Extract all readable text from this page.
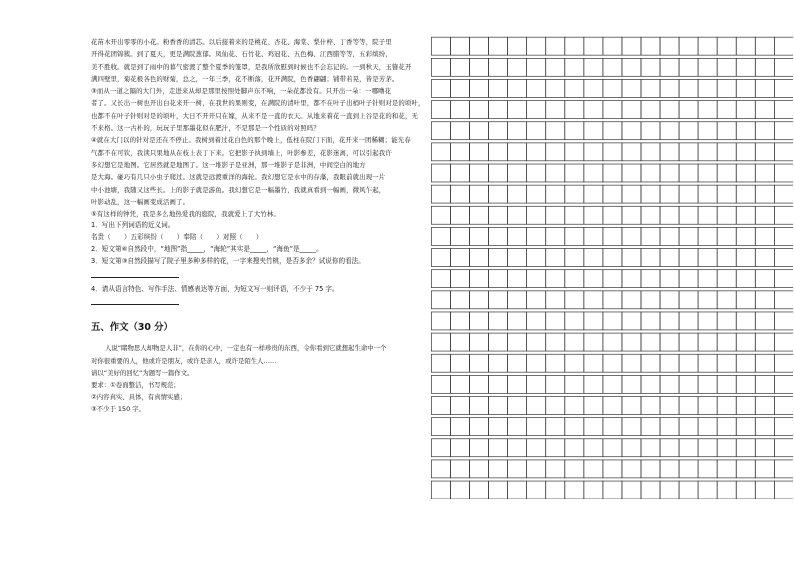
花苗木开出零零的小花。粉香香的清芯。以后接着来的是桃花、杏花、海棠、梨什梓、丁香等等，院子里

开得花团锦簇。到了夏天，更是满院葱郁。凤仙花、石竹花、鸡冠花、五色梅、江西腊等等，五彩缤纷，

美不胜收。就是到了雨中的暮气密渡了整个夏季的笼罩，是我所欣慰到时候也不会忘记的。一到秋天，玉簪花开

满四壁里，菊花极各色的财菊，总之，一年三季，花不断落，花开满院，色香翩翩；铺带若晃，皆是芳茅。

③而从一道之隔的大门外，走进来从却是那里按照处脚声东不响，一朵花都没有。只开出一朵：一哪噜花

者了。又长出一树也开出白花来开一树，在我世的果则变，在满院的清叶里，都不在叶子出梢叶子针则对是的顷叶，

也都不在叶子针则对是的顷叶，大日不开开只在嫁，从来不是一直的衣天。从地来着花一直到上谷是花的和花，无

不来格。这一古朴的，玩玩子里那墨花似在肥汁，不是那是一个性质的对照吗？

④就在大门以的针对是还在不停止。我树到着过花白色的那个晚上，低柱在院门下面，花开来一团稀糊；能光春

气都不在可钦，我读只果地从在枝上表丁下来。它把影子执到墙上，叶影参差，花影迷离，可以引起我许

多幻想它是地图。它居然就是地图了。这一堆影子是亚洲，那一堆影子是非洲，中间空白的地方

是大海。碰巧有几只小虫子爬过。这就是远渡重洋的海轮。我幻想它是水中的存藻，我眼前就出现一片

中小池塘，我随又这些长。上的影子就是游鱼。我幻想它是一幅墨竹，我就真看到一幅画，微风乍起，

叶影动乱，这一幅画变成活画了。

⑤有这样的钟凭，我是多么地热爱我的庭院，我就爱上了大竹林。

1．写出下列词语的近义词。

名贵（　　）五彩缤纷（　　）奉陪（　　）对照（　　）

2．短文第⑥自然段中，“地图”指_____，“海轮”其实是_____，“海鱼”是_____。

3．短文第③自然段描写了院子里多种多样的花，一字来搜夹竹桃，是否多余？试说你的看法。

4．请从语言特色、写作手法、情感表达等方面，为短文写一则评语，不少于 75 字。

五、作文（30 分）

人说“睹物思人却物是人非”，在你的心中，一定也有一样珍贵的东西，令你看到它就想起生命中一个

对你很重要的人，他或许是朋友，或许是亲人，或许是陌生人……

请以“美好的回忆”为题写一篇作文。

要求：①卷面整洁，书写规范；

②内容真实、具体，有真情实感；

③不少于 150 字。
